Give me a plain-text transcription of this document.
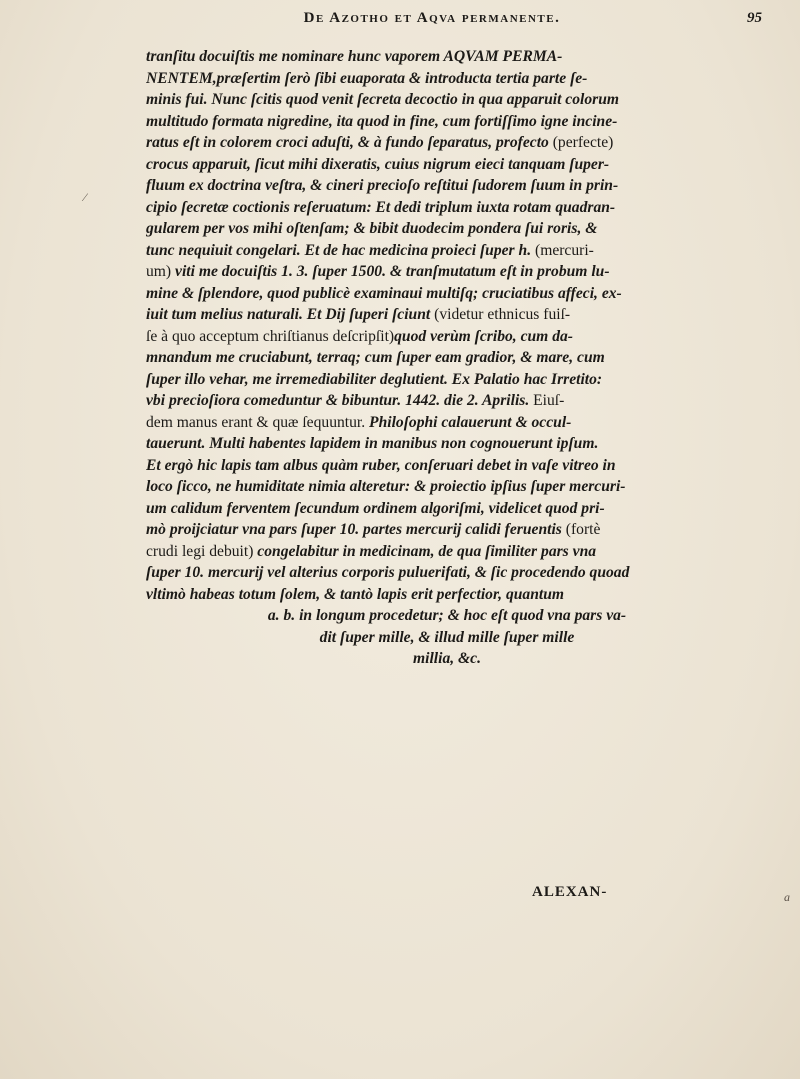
De Azotho et Aqva permanente.	95
⁄
tranſitu docuiſtis me nominare hunc vaporem AQVAM PERMA-
NENTEM,præſertim ſerò ſibi euaporata & introducta tertia parte ſe-
minis fui. Nunc ſcitis quod venit ſecreta decoctio in qua apparuit colorum
multitudo formata nigredine, ita quod in fine, cum fortiſſimo igne incine-
ratus eſt in colorem croci aduſti, & à fundo ſeparatus, profecto (perfecte)
crocus apparuit, ſicut mihi dixeratis, cuius nigrum eieci tanquam ſuper-
fluum ex doctrina veſtra, & cineri precioſo reſtitui ſudorem ſuum in prin-
cipio ſecretæ coctionis reſeruatum: Et dedi triplum iuxta rotam quadran-
gularem per vos mihi oſtenſam; & bibit duodecim pondera ſui roris, &
tunc nequiuit congelari. Et de hac medicina proieci ſuper h. (mercuri-
um) viti me docuiſtis 1. 3. ſuper 1500. & tranſmutatum eſt in probum lu-
mine & ſplendore, quod publicè examinaui multiſq; cruciatibus affeci, ex-
iuit tum melius naturali. Et Dij ſuperi ſciunt (videtur ethnicus fuiſ-
ſe à quo acceptum chriſtianus deſcripſit)quod verùm ſcribo, cum da-
mnandum me cruciabunt, terraq; cum ſuper eam gradior, & mare, cum
ſuper illo vehar, me irremediabiliter deglutient. Ex Palatio hac Irretito:
vbi precioſiora comeduntur & bibuntur. 1442. die 2. Aprilis. Eiuſ-
dem manus erant & quæ ſequuntur. Philoſophi calauerunt & occul-
tauerunt. Multi habentes lapidem in manibus non cognouerunt ipſum.
Et ergò hic lapis tam albus quàm ruber, conſeruari debet in vaſe vitreo in
loco ſicco, ne humiditate nimia alteretur: & proiectio ipſius ſuper mercuri-
um calidum ferventem ſecundum ordinem algoriſmi, videlicet quod pri-
mò proijciatur vna pars ſuper 10. partes mercurij calidi feruentis (fortè
crudi legi debuit) congelabitur in medicinam, de qua ſimiliter pars vna
ſuper 10. mercurij vel alterius corporis puluerifati, & ſic procedendo quoad
vltimò habeas totum ſolem, & tantò lapis erit perfectior, quantum
a. b. in longum procedetur; & hoc eſt quod vna pars va-
dit ſuper mille, & illud mille ſuper mille
millia, &c.
ALEXAN-	a
